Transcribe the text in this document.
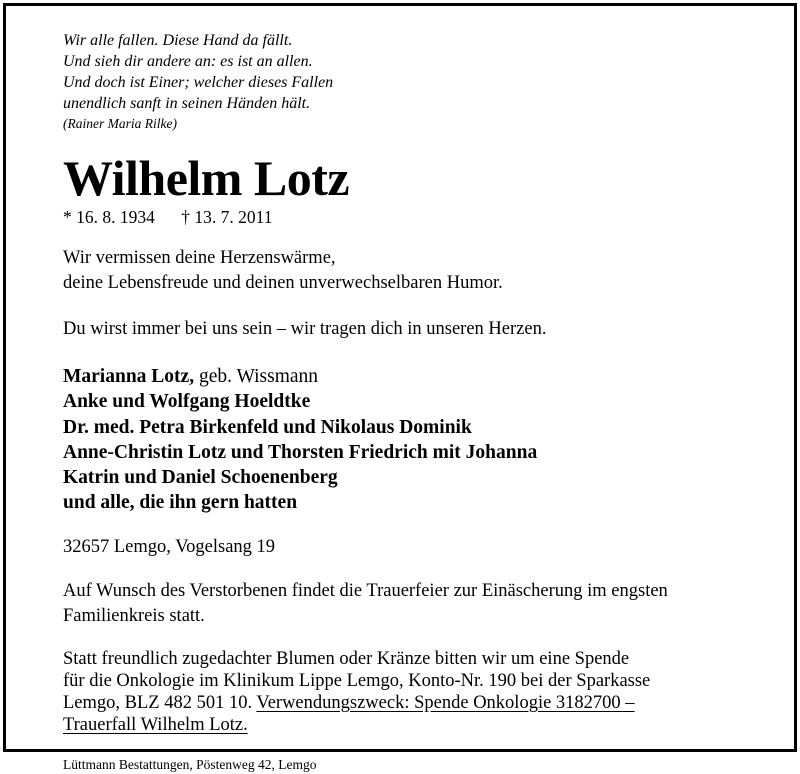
Wir alle fallen. Diese Hand da fällt.
Und sieh dir andere an: es ist an allen.
Und doch ist Einer; welcher dieses Fallen
unendlich sanft in seinen Händen hält.
(Rainer Maria Rilke)
Wilhelm Lotz
* 16. 8. 1934 † 13. 7. 2011
Wir vermissen deine Herzenswärme,
deine Lebensfreude und deinen unverwechselbaren Humor.
Du wirst immer bei uns sein – wir tragen dich in unseren Herzen.
Marianna Lotz, geb. Wissmann
Anke und Wolfgang Hoeldtke
Dr. med. Petra Birkenfeld und Nikolaus Dominik
Anne-Christin Lotz und Thorsten Friedrich mit Johanna
Katrin und Daniel Schoenenberg
und alle, die ihn gern hatten
32657 Lemgo, Vogelsang 19
Auf Wunsch des Verstorbenen findet die Trauerfeier zur Einäscherung im engsten
Familienkreis statt.
Statt freundlich zugedachter Blumen oder Kränze bitten wir um eine Spende
für die Onkologie im Klinikum Lippe Lemgo, Konto-Nr. 190 bei der Sparkasse
Lemgo, BLZ 482 501 10. Verwendungszweck: Spende Onkologie 3182700 –
Trauerfall Wilhelm Lotz.
Lüttmann Bestattungen, Pöstenweg 42, Lemgo
